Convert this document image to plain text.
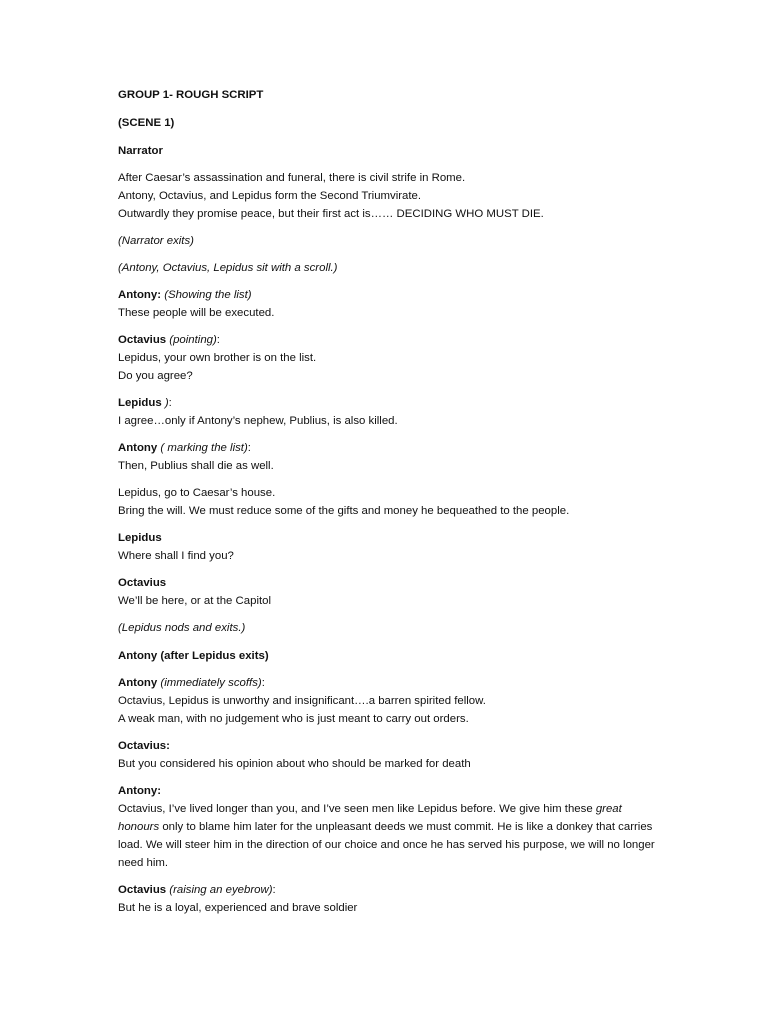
GROUP 1- ROUGH SCRIPT

(SCENE 1)

Narrator

After Caesar’s assassination and funeral, there is civil strife in Rome.

Antony, Octavius, and Lepidus form the Second Triumvirate.

Outwardly they promise peace, but their first act is…… DECIDING WHO MUST DIE.

(Narrator exits)

(Antony, Octavius, Lepidus sit with a scroll.)

Antony: (Showing the list)

These people will be executed.

Octavius (pointing):

Lepidus, your own brother is on the list.

Do you agree?

Lepidus ):

I agree…only if Antony’s nephew, Publius, is also killed.

Antony ( marking the list):

Then, Publius shall die as well.

Lepidus, go to Caesar’s house.

Bring the will. We must reduce some of the gifts and money he bequeathed to the people.

Lepidus

Where shall I find you?

Octavius

We’ll be here, or at the Capitol

(Lepidus nods and exits.)

Antony (after Lepidus exits)

Antony (immediately scoffs):

Octavius, Lepidus is unworthy and insignificant….a barren spirited fellow.

A weak man, with no judgement who is just meant to carry out orders.

Octavius:

But you considered his opinion about who should be marked for death

Antony:

Octavius, I’ve lived longer than you, and I’ve seen men like Lepidus before. We give him these great honours only to blame him later for the unpleasant deeds we must commit. He is like a donkey that carries load. We will steer him in the direction of our choice and once he has served his purpose, we will no longer need him.

Octavius (raising an eyebrow):

But he is a loyal, experienced and brave soldier
